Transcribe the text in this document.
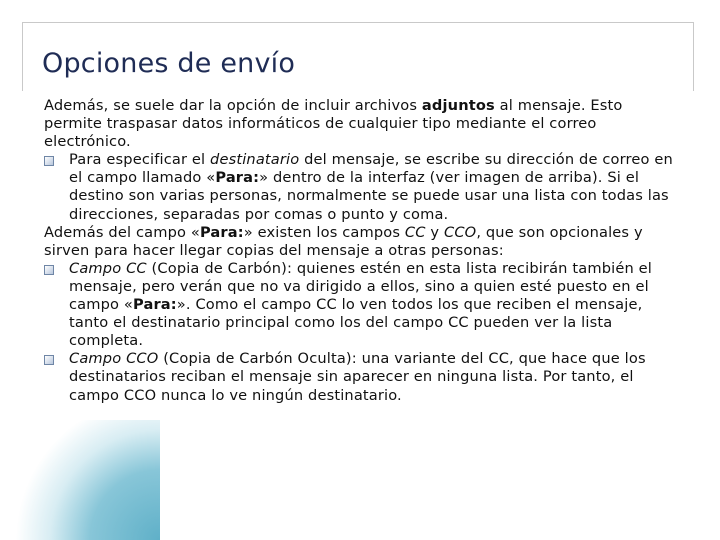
Opciones de envío

Además, se suele dar la opción de incluir archivos adjuntos al mensaje. Esto permite traspasar datos informáticos de cualquier tipo mediante el correo electrónico.

Para especificar el destinatario del mensaje, se escribe su dirección de correo en el campo llamado «Para:» dentro de la interfaz (ver imagen de arriba). Si el destino son varias personas, normalmente se puede usar una lista con todas las direcciones, separadas por comas o punto y coma.

Además del campo «Para:» existen los campos CC y CCO, que son opcionales y sirven para hacer llegar copias del mensaje a otras personas:

Campo CC (Copia de Carbón): quienes estén en esta lista recibirán también el mensaje, pero verán que no va dirigido a ellos, sino a quien esté puesto en el campo «Para:». Como el campo CC lo ven todos los que reciben el mensaje, tanto el destinatario principal como los del campo CC pueden ver la lista completa.

Campo CCO (Copia de Carbón Oculta): una variante del CC, que hace que los destinatarios reciban el mensaje sin aparecer en ninguna lista. Por tanto, el campo CCO nunca lo ve ningún destinatario.
